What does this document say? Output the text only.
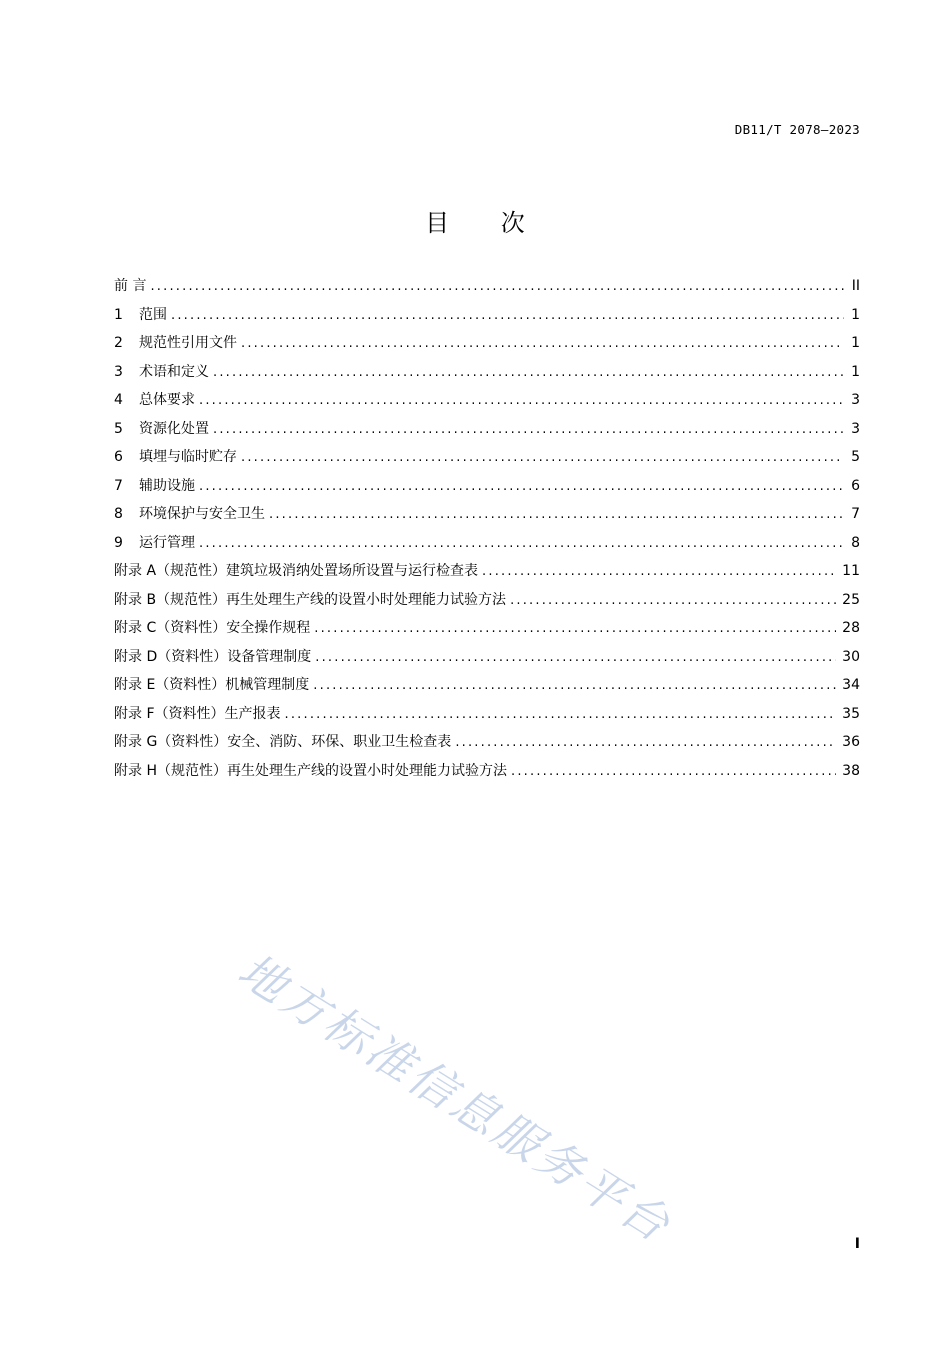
DB11/T 2078—2023
目 次
前 言 .....	II
1	范围 .....	1
2	规范性引用文件 .....	1
3	术语和定义 .....	1
4	总体要求 .....	3
5	资源化处置 .....	3
6	填埋与临时贮存 .....	5
7	辅助设施 .....	6
8	环境保护与安全卫生 .....	7
9	运行管理 .....	8
附录 A（规范性）建筑垃圾消纳处置场所设置与运行检查表 .....	11
附录 B（规范性）再生处理生产线的设置小时处理能力试验方法 .....	25
附录 C（资料性）安全操作规程 .....	28
附录 D（资料性）设备管理制度 .....	30
附录 E（资料性）机械管理制度 .....	34
附录 F（资料性）生产报表 .....	35
附录 G（资料性）安全、消防、环保、职业卫生检查表 .....	36
附录 H（规范性）再生处理生产线的设置小时处理能力试验方法 .....	38
地方标准信息服务平台	I
